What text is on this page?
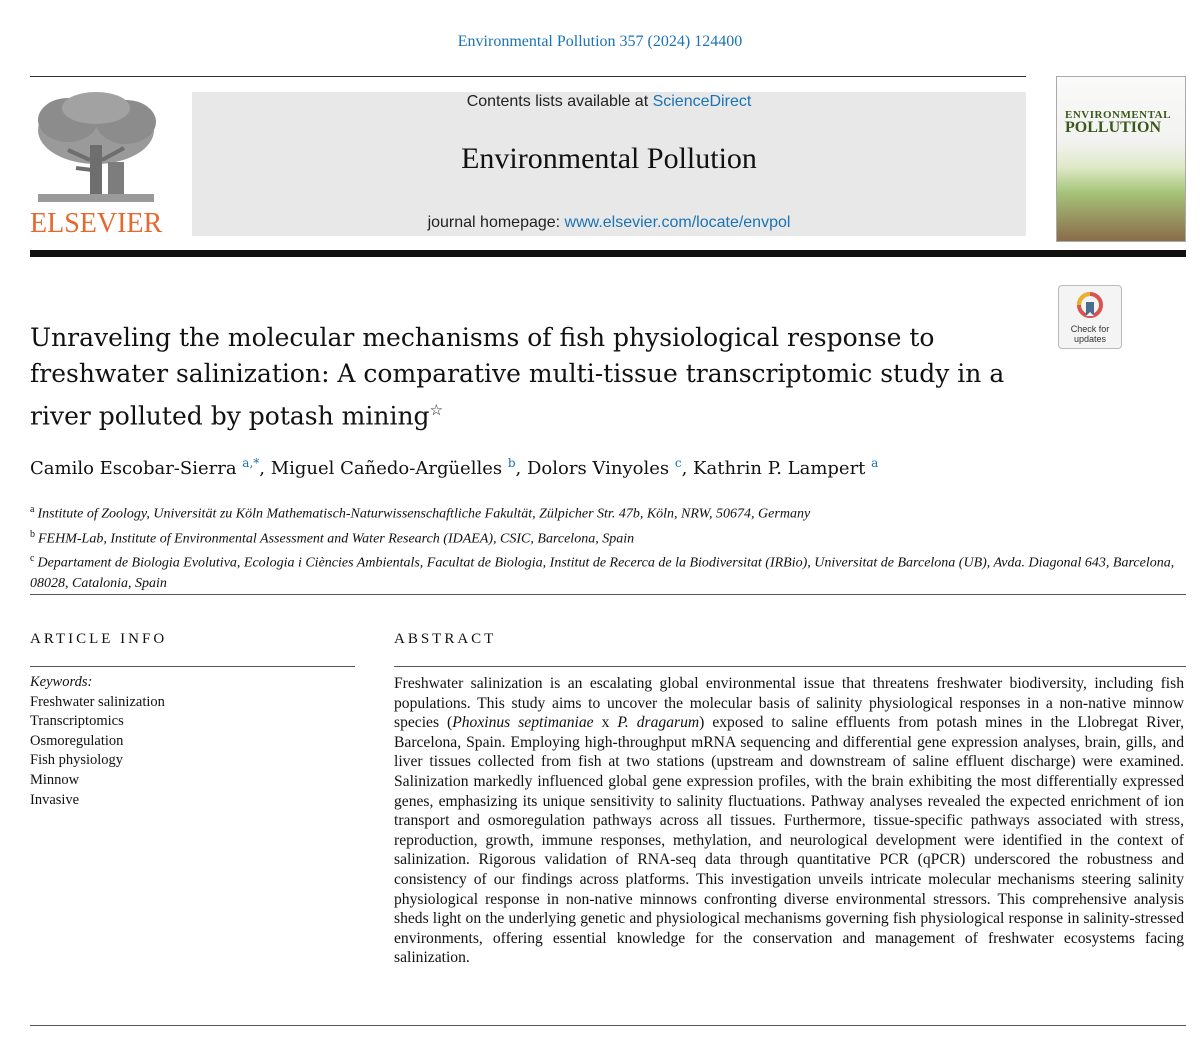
Environmental Pollution 357 (2024) 124400
ELSEVIER
Contents lists available at ScienceDirect
Environmental Pollution
journal homepage: www.elsevier.com/locate/envpol
ENVIRONMENTAL
POLLUTION
Check for
updates
Unraveling the molecular mechanisms of fish physiological response to freshwater salinization: A comparative multi-tissue transcriptomic study in a river polluted by potash mining☆
Camilo Escobar-Sierra $^{a,*}$, Miguel Cañedo-Argüelles $^b$, Dolors Vinyoles $^c$, Kathrin P. Lampert $^a$
$^a$ Institute of Zoology, Universität zu Köln Mathematisch-Naturwissenschaftliche Fakultät, Zülpicher Str. 47b, Köln, NRW, 50674, Germany
$^b$ FEHM-Lab, Institute of Environmental Assessment and Water Research (IDAEA), CSIC, Barcelona, Spain
$^c$ Departament de Biologia Evolutiva, Ecologia i Ciències Ambientals, Facultat de Biologia, Institut de Recerca de la Biodiversitat (IRBio), Universitat de Barcelona (UB), Avda. Diagonal 643, Barcelona, 08028, Catalonia, Spain
ARTICLE INFO
Keywords:
Freshwater salinization
Transcriptomics
Osmoregulation
Fish physiology
Minnow
Invasive
ABSTRACT
Freshwater salinization is an escalating global environmental issue that threatens freshwater biodiversity, including fish populations. This study aims to uncover the molecular basis of salinity physiological responses in a non-native minnow species (Phoxinus septimaniae x P. dragarum) exposed to saline effluents from potash mines in the Llobregat River, Barcelona, Spain. Employing high-throughput mRNA sequencing and differential gene expression analyses, brain, gills, and liver tissues collected from fish at two stations (upstream and downstream of saline effluent discharge) were examined. Salinization markedly influenced global gene expression profiles, with the brain exhibiting the most differentially expressed genes, emphasizing its unique sensitivity to salinity fluctuations. Pathway analyses revealed the expected enrichment of ion transport and osmoregulation pathways across all tissues. Furthermore, tissue-specific pathways associated with stress, reproduction, growth, immune responses, methylation, and neurological development were identified in the context of salinization. Rigorous validation of RNA-seq data through quantitative PCR (qPCR) underscored the robustness and consistency of our findings across platforms. This investigation unveils intricate molecular mechanisms steering salinity physiological response in non-native minnows confronting diverse environmental stressors. This comprehensive analysis sheds light on the underlying genetic and physiological mechanisms governing fish physiological response in salinity-stressed environments, offering essential knowledge for the conservation and management of freshwater ecosystems facing salinization.
